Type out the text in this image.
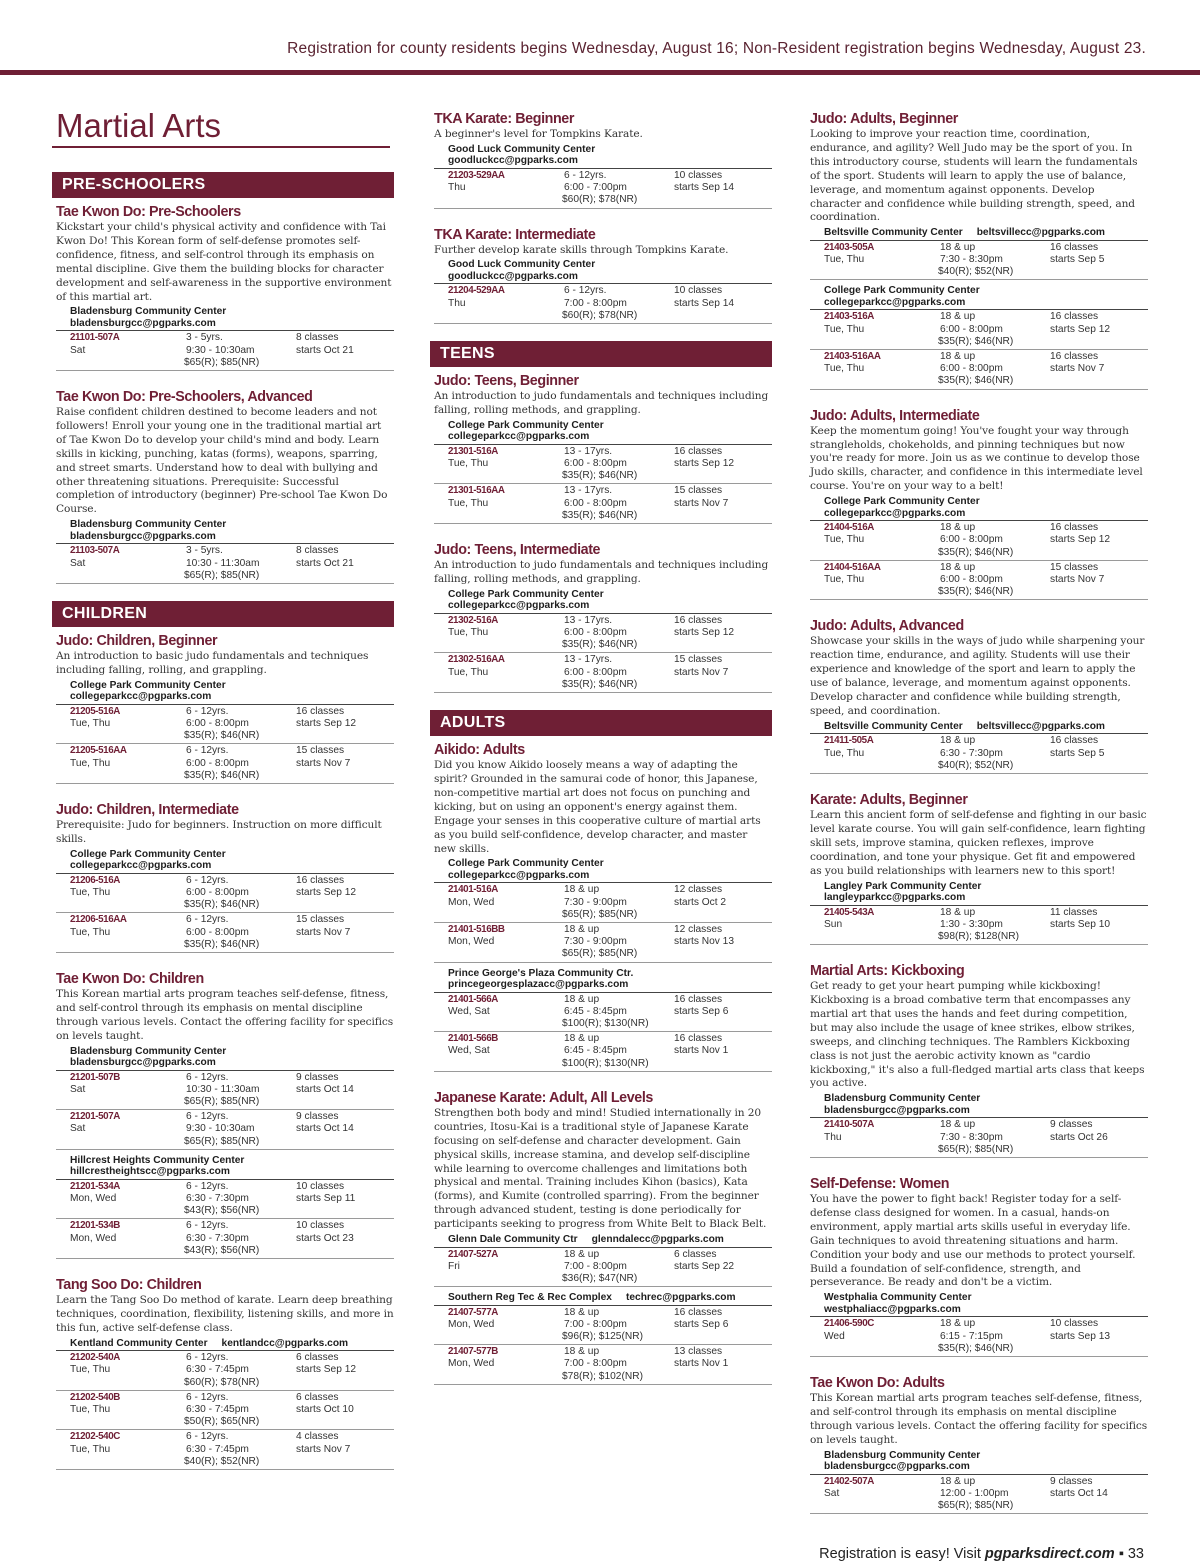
Registration for county residents begins Wednesday, August 16; Non-Resident registration begins Wednesday, August 23.
Martial Arts
PRE-SCHOOLERS
Tae Kwon Do: Pre-Schoolers
Kickstart your child's physical activity and confidence with Tai Kwon Do! This Korean form of self-defense promotes self-confidence, fitness, and self-control through its emphasis on mental discipline. Give them the building blocks for character development and self-awareness in the supportive environment of this martial art.
Bladensburg Community Center
bladensburgcc@pgparks.com
21101-507A	3 - 5yrs.	8 classes
Sat	9:30 - 10:30am	starts Oct 21
$65(R); $85(NR)
Tae Kwon Do: Pre-Schoolers, Advanced
Raise confident children destined to become leaders and not followers! Enroll your young one in the traditional martial art of Tae Kwon Do to develop your child's mind and body. Learn skills in kicking, punching, katas (forms), weapons, sparring, and street smarts. Understand how to deal with bullying and other threatening situations. Prerequisite: Successful completion of introductory (beginner) Pre-school Tae Kwon Do Course.
Bladensburg Community Center
bladensburgcc@pgparks.com
21103-507A	3 - 5yrs.	8 classes
Sat	10:30 - 11:30am	starts Oct 21
$65(R); $85(NR)
CHILDREN
Judo: Children, Beginner
An introduction to basic judo fundamentals and techniques including falling, rolling, and grappling.
College Park Community Center
collegeparkcc@pgparks.com
21205-516A	6 - 12yrs.	16 classes
Tue, Thu	6:00 - 8:00pm	starts Sep 12
$35(R); $46(NR)
21205-516AA	6 - 12yrs.	15 classes
Tue, Thu	6:00 - 8:00pm	starts Nov 7
$35(R); $46(NR)
Judo: Children, Intermediate
Prerequisite: Judo for beginners. Instruction on more difficult skills.
College Park Community Center
collegeparkcc@pgparks.com
21206-516A	6 - 12yrs.	16 classes
Tue, Thu	6:00 - 8:00pm	starts Sep 12
$35(R); $46(NR)
21206-516AA	6 - 12yrs.	15 classes
Tue, Thu	6:00 - 8:00pm	starts Nov 7
$35(R); $46(NR)
Tae Kwon Do: Children
This Korean martial arts program teaches self-defense, fitness, and self-control through its emphasis on mental discipline through various levels. Contact the offering facility for specifics on levels taught.
Bladensburg Community Center
bladensburgcc@pgparks.com
21201-507B	6 - 12yrs.	9 classes
Sat	10:30 - 11:30am	starts Oct 14
$65(R); $85(NR)
21201-507A	6 - 12yrs.	9 classes
Sat	9:30 - 10:30am	starts Oct 14
$65(R); $85(NR)
Hillcrest Heights Community Center
hillcrestheightscc@pgparks.com
21201-534A	6 - 12yrs.	10 classes
Mon, Wed	6:30 - 7:30pm	starts Sep 11
$43(R); $56(NR)
21201-534B	6 - 12yrs.	10 classes
Mon, Wed	6:30 - 7:30pm	starts Oct 23
$43(R); $56(NR)
Tang Soo Do: Children
Learn the Tang Soo Do method of karate. Learn deep breathing techniques, coordination, flexibility, listening skills, and more in this fun, active self-defense class.
Kentland Community Center kentlandcc@pgparks.com
21202-540A	6 - 12yrs.	6 classes
Tue, Thu	6:30 - 7:45pm	starts Sep 12
$60(R); $78(NR)
21202-540B	6 - 12yrs.	6 classes
Tue, Thu	6:30 - 7:45pm	starts Oct 10
$50(R); $65(NR)
21202-540C	6 - 12yrs.	4 classes
Tue, Thu	6:30 - 7:45pm	starts Nov 7
$40(R); $52(NR)
TKA Karate: Beginner
A beginner's level for Tompkins Karate.
Good Luck Community Center
goodluckcc@pgparks.com
21203-529AA	6 - 12yrs.	10 classes
Thu	6:00 - 7:00pm	starts Sep 14
$60(R); $78(NR)
TKA Karate: Intermediate
Further develop karate skills through Tompkins Karate.
Good Luck Community Center
goodluckcc@pgparks.com
21204-529AA	6 - 12yrs.	10 classes
Thu	7:00 - 8:00pm	starts Sep 14
$60(R); $78(NR)
TEENS
Judo: Teens, Beginner
An introduction to judo fundamentals and techniques including falling, rolling methods, and grappling.
College Park Community Center
collegeparkcc@pgparks.com
21301-516A	13 - 17yrs.	16 classes
Tue, Thu	6:00 - 8:00pm	starts Sep 12
$35(R); $46(NR)
21301-516AA	13 - 17yrs.	15 classes
Tue, Thu	6:00 - 8:00pm	starts Nov 7
$35(R); $46(NR)
Judo: Teens, Intermediate
An introduction to judo fundamentals and techniques including falling, rolling methods, and grappling.
College Park Community Center
collegeparkcc@pgparks.com
21302-516A	13 - 17yrs.	16 classes
Tue, Thu	6:00 - 8:00pm	starts Sep 12
$35(R); $46(NR)
21302-516AA	13 - 17yrs.	15 classes
Tue, Thu	6:00 - 8:00pm	starts Nov 7
$35(R); $46(NR)
ADULTS
Aikido: Adults
Did you know Aikido loosely means a way of adapting the spirit? Grounded in the samurai code of honor, this Japanese, non-competitive martial art does not focus on punching and kicking, but on using an opponent's energy against them. Engage your senses in this cooperative culture of martial arts as you build self-confidence, develop character, and master new skills.
College Park Community Center
collegeparkcc@pgparks.com
21401-516A	18 & up	12 classes
Mon, Wed	7:30 - 9:00pm	starts Oct 2
$65(R); $85(NR)
21401-516BB	18 & up	12 classes
Mon, Wed	7:30 - 9:00pm	starts Nov 13
$65(R); $85(NR)
Prince George's Plaza Community Ctr.
princegeorgesplazacc@pgparks.com
21401-566A	18 & up	16 classes
Wed, Sat	6:45 - 8:45pm	starts Sep 6
$100(R); $130(NR)
21401-566B	18 & up	16 classes
Wed, Sat	6:45 - 8:45pm	starts Nov 1
$100(R); $130(NR)
Japanese Karate: Adult, All Levels
Strengthen both body and mind! Studied internationally in 20 countries, Itosu-Kai is a traditional style of Japanese Karate focusing on self-defense and character development. Gain physical skills, increase stamina, and develop self-discipline while learning to overcome challenges and limitations both physical and mental. Training includes Kihon (basics), Kata (forms), and Kumite (controlled sparring). From the beginner through advanced student, testing is done periodically for participants seeking to progress from White Belt to Black Belt.
Glenn Dale Community Ctr glenndalecc@pgparks.com
21407-527A	18 & up	6 classes
Fri	7:00 - 8:00pm	starts Sep 22
$36(R); $47(NR)
Southern Reg Tec & Rec Complex techrec@pgparks.com
21407-577A	18 & up	16 classes
Mon, Wed	7:00 - 8:00pm	starts Sep 6
$96(R); $125(NR)
21407-577B	18 & up	13 classes
Mon, Wed	7:00 - 8:00pm	starts Nov 1
$78(R); $102(NR)
Judo: Adults, Beginner
Looking to improve your reaction time, coordination, endurance, and agility? Well Judo may be the sport of you. In this introductory course, students will learn the fundamentals of the sport. Students will learn to apply the use of balance, leverage, and momentum against opponents. Develop character and confidence while building strength, speed, and coordination.
Beltsville Community Center beltsvillecc@pgparks.com
21403-505A	18 & up	16 classes
Tue, Thu	7:30 - 8:30pm	starts Sep 5
$40(R); $52(NR)
College Park Community Center
collegeparkcc@pgparks.com
21403-516A	18 & up	16 classes
Tue, Thu	6:00 - 8:00pm	starts Sep 12
$35(R); $46(NR)
21403-516AA	18 & up	16 classes
Tue, Thu	6:00 - 8:00pm	starts Nov 7
$35(R); $46(NR)
Judo: Adults, Intermediate
Keep the momentum going! You've fought your way through strangleholds, chokeholds, and pinning techniques but now you're ready for more. Join us as we continue to develop those Judo skills, character, and confidence in this intermediate level course. You're on your way to a belt!
College Park Community Center
collegeparkcc@pgparks.com
21404-516A	18 & up	16 classes
Tue, Thu	6:00 - 8:00pm	starts Sep 12
$35(R); $46(NR)
21404-516AA	18 & up	15 classes
Tue, Thu	6:00 - 8:00pm	starts Nov 7
$35(R); $46(NR)
Judo: Adults, Advanced
Showcase your skills in the ways of judo while sharpening your reaction time, endurance, and agility. Students will use their experience and knowledge of the sport and learn to apply the use of balance, leverage, and momentum against opponents. Develop character and confidence while building strength, speed, and coordination.
Beltsville Community Center beltsvillecc@pgparks.com
21411-505A	18 & up	16 classes
Tue, Thu	6:30 - 7:30pm	starts Sep 5
$40(R); $52(NR)
Karate: Adults, Beginner
Learn this ancient form of self-defense and fighting in our basic level karate course. You will gain self-confidence, learn fighting skill sets, improve stamina, quicken reflexes, improve coordination, and tone your physique. Get fit and empowered as you build relationships with learners new to this sport!
Langley Park Community Center
langleyparkcc@pgparks.com
21405-543A	18 & up	11 classes
Sun	1:30 - 3:30pm	starts Sep 10
$98(R); $128(NR)
Martial Arts: Kickboxing
Get ready to get your heart pumping while kickboxing! Kickboxing is a broad combative term that encompasses any martial art that uses the hands and feet during competition, but may also include the usage of knee strikes, elbow strikes, sweeps, and clinching techniques. The Ramblers Kickboxing class is not just the aerobic activity known as "cardio kickboxing," it's also a full-fledged martial arts class that keeps you active.
Bladensburg Community Center
bladensburgcc@pgparks.com
21410-507A	18 & up	9 classes
Thu	7:30 - 8:30pm	starts Oct 26
$65(R); $85(NR)
Self-Defense: Women
You have the power to fight back! Register today for a self-defense class designed for women. In a casual, hands-on environment, apply martial arts skills useful in everyday life. Gain techniques to avoid threatening situations and harm. Condition your body and use our methods to protect yourself. Build a foundation of self-confidence, strength, and perseverance. Be ready and don't be a victim.
Westphalia Community Center
westphaliacc@pgparks.com
21406-590C	18 & up	10 classes
Wed	6:15 - 7:15pm	starts Sep 13
$35(R); $46(NR)
Tae Kwon Do: Adults
This Korean martial arts program teaches self-defense, fitness, and self-control through its emphasis on mental discipline through various levels. Contact the offering facility for specifics on levels taught.
Bladensburg Community Center
bladensburgcc@pgparks.com
21402-507A	18 & up	9 classes
Sat	12:00 - 1:00pm	starts Oct 14
$65(R); $85(NR)
Registration is easy! Visit pgparksdirect.com ▪ 33
